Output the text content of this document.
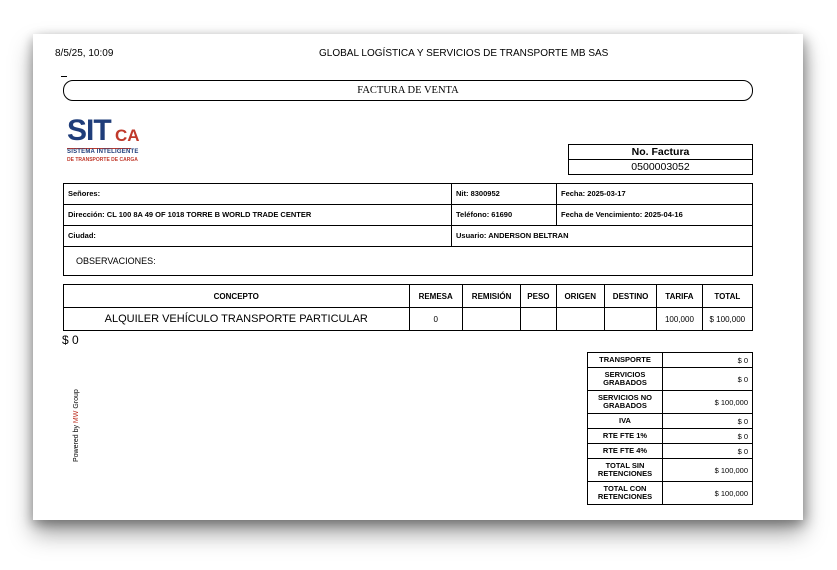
8/5/25, 10:09	GLOBAL LOGÍSTICA Y SERVICIOS DE TRANSPORTE MB SAS
FACTURA DE VENTA
SIT CA
SISTEMA INTELIGENTE
DE TRANSPORTE DE CARGA
No. Factura
0500003052
Señores:	Nit: 8300952	Fecha: 2025-03-17
Dirección: CL 100 8A 49 OF 1018 TORRE B WORLD TRADE CENTER	Teléfono: 61690	Fecha de Vencimiento: 2025-04-16
Ciudad:	Usuario: ANDERSON BELTRAN
OBSERVACIONES:
CONCEPTO	REMESA	REMISIÓN	PESO	ORIGEN	DESTINO	TARIFA	TOTAL
ALQUILER VEHÍCULO TRANSPORTE PARTICULAR	0					100,000	$ 100,000
$ 0
Powered by MW Group
TRANSPORTE	$ 0
SERVICIOS GRABADOS	$ 0
SERVICIOS NO GRABADOS	$ 100,000
IVA	$ 0
RTE FTE 1%	$ 0
RTE FTE 4%	$ 0
TOTAL SIN RETENCIONES	$ 100,000
TOTAL CON RETENCIONES	$ 100,000
